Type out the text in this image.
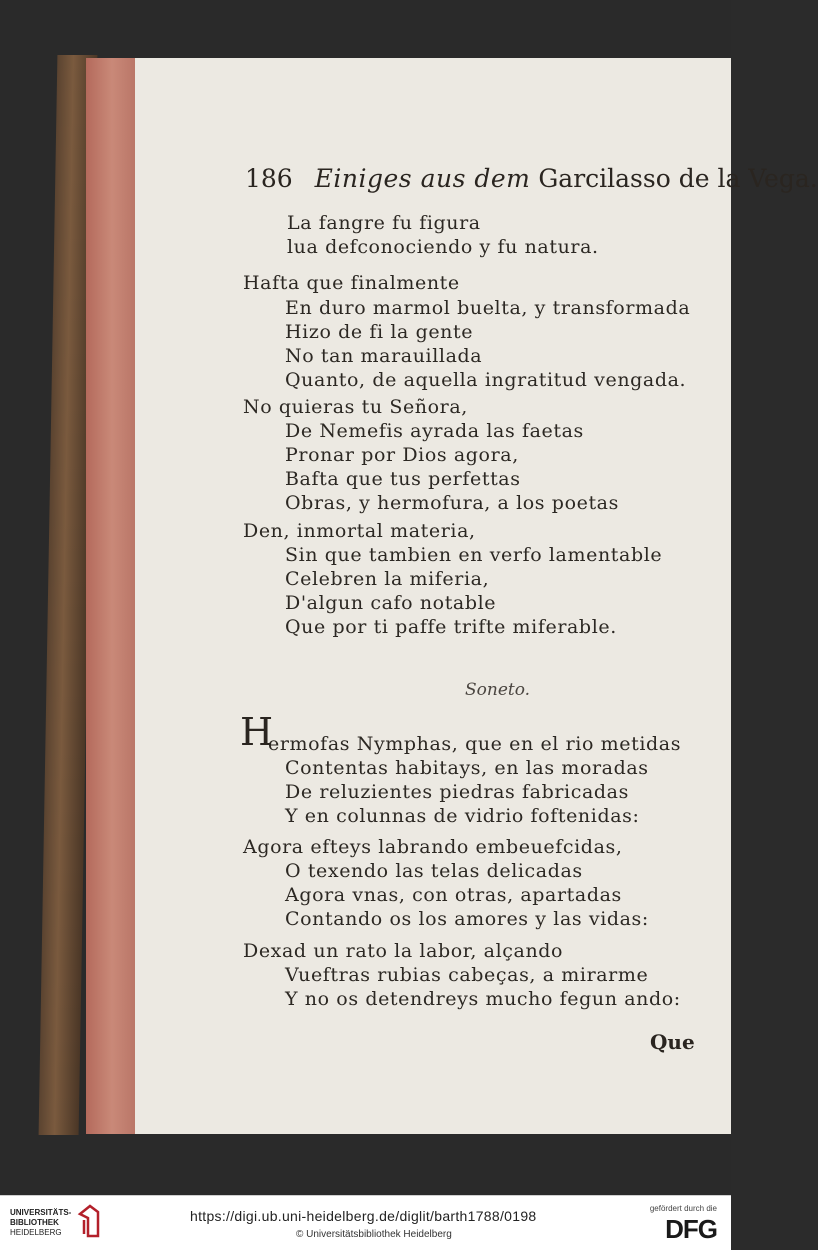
186 Einiges aus dem Garcilasso de la Vega.
La fangre fu figura
lua defconociendo y fu natura.
Hafta que finalmente
En duro marmol buelta, y transformada
Hizo de fi la gente
No tan marauillada
Quanto, de aquella ingratitud vengada.
No quieras tu Señora,
De Nemefis ayrada las faetas
Pronar por Dios agora,
Bafta que tus perfettas
Obras, y hermofura, a los poetas
Den, inmortal materia,
Sin que tambien en verfo lamentable
Celebren la miferia,
D'algun cafo notable
Que por ti paffe trifte miferable.
Soneto.
H
ermofas Nymphas, que en el rio metidas
Contentas habitays, en las moradas
De reluzientes piedras fabricadas
Y en colunnas de vidrio foftenidas:
Agora efteys labrando embeuefcidas,
O texendo las telas delicadas
Agora vnas, con otras, apartadas
Contando os los amores y las vidas:
Dexad un rato la labor, alçando
Vueftras rubias cabeças, a mirarme
Y no os detendreys mucho fegun ando:
Que
UNIVERSITÄTS-
BIBLIOTHEK
HEIDELBERG
https://digi.ub.uni-heidelberg.de/diglit/barth1788/0198
© Universitätsbibliothek Heidelberg
gefördert durch die
DFG
